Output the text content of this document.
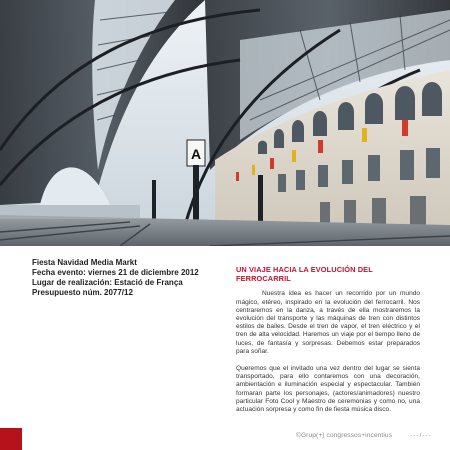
A
Fiesta Navidad Media Markt
Fecha evento: viernes 21 de diciembre 2012
Lugar de realización: Estació de França
Presupuesto núm. 2077/12
UN VIAJE HACIA LA EVOLUCIÓN DEL FERROCARRIL

Nuestra idea es hacer un recorrido por un mundo mágico, etéreo, inspirado en la evolución del ferrocarril. Nos centraremos en la danza, a través de ella mostraremos la evolución del transporte y las máquinas de tren con distintos estilos de bailes. Desde el tren de vapor, el tren eléctrico y el tren de alta velocidad. Haremos un viaje por el tiempo lleno de luces, de fantasía y sorpresas. Debemos estar preparados para soñar.

Queremos que el invitado una vez dentro del lugar se sienta transportado, para ello contaremos con una decoración, ambientación e iluminación especial y espectacular. También formaran parte los personajes, (actores/animadores) nuestro particular Foto Cool y Maestro de ceremonias y como no, una actuación sorpresa y como fin de fiesta música disco.

©Grup(+) congressos+incentius	---/---
